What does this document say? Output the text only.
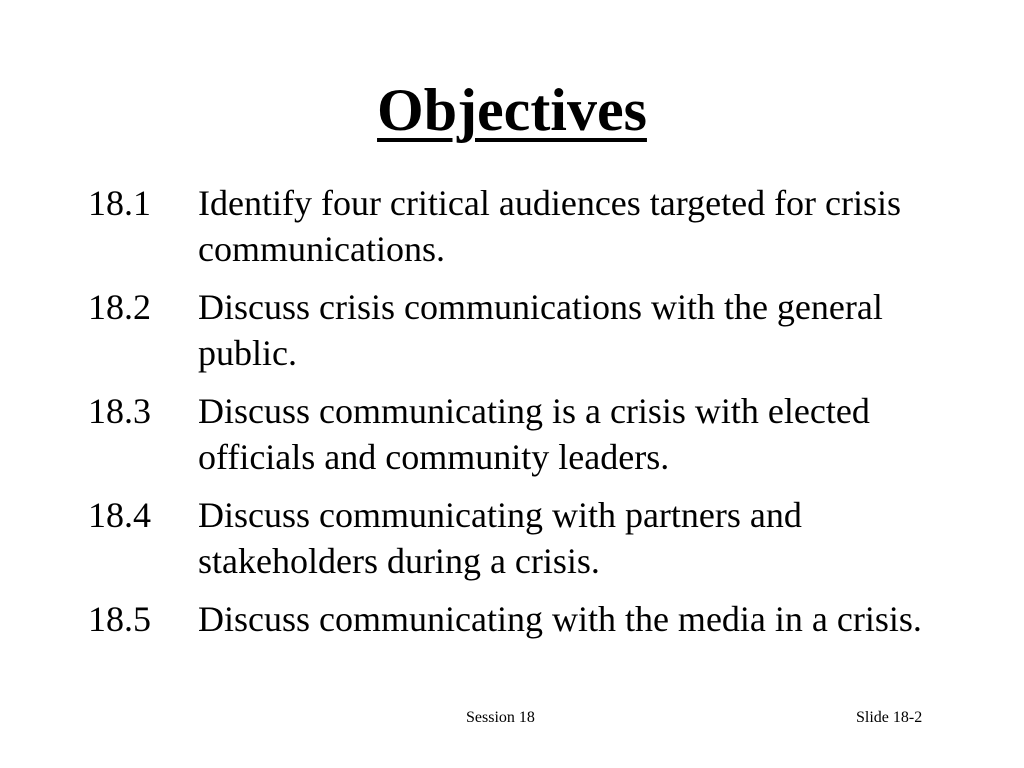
Objectives
18.1	Identify four critical audiences targeted for crisis communications.
18.2	Discuss crisis communications with the general public.
18.3	Discuss communicating is a crisis with elected officials and community leaders.
18.4	Discuss communicating with partners and stakeholders during a crisis.
18.5	Discuss communicating with the media in a crisis.
Session 18	Slide 18-2
